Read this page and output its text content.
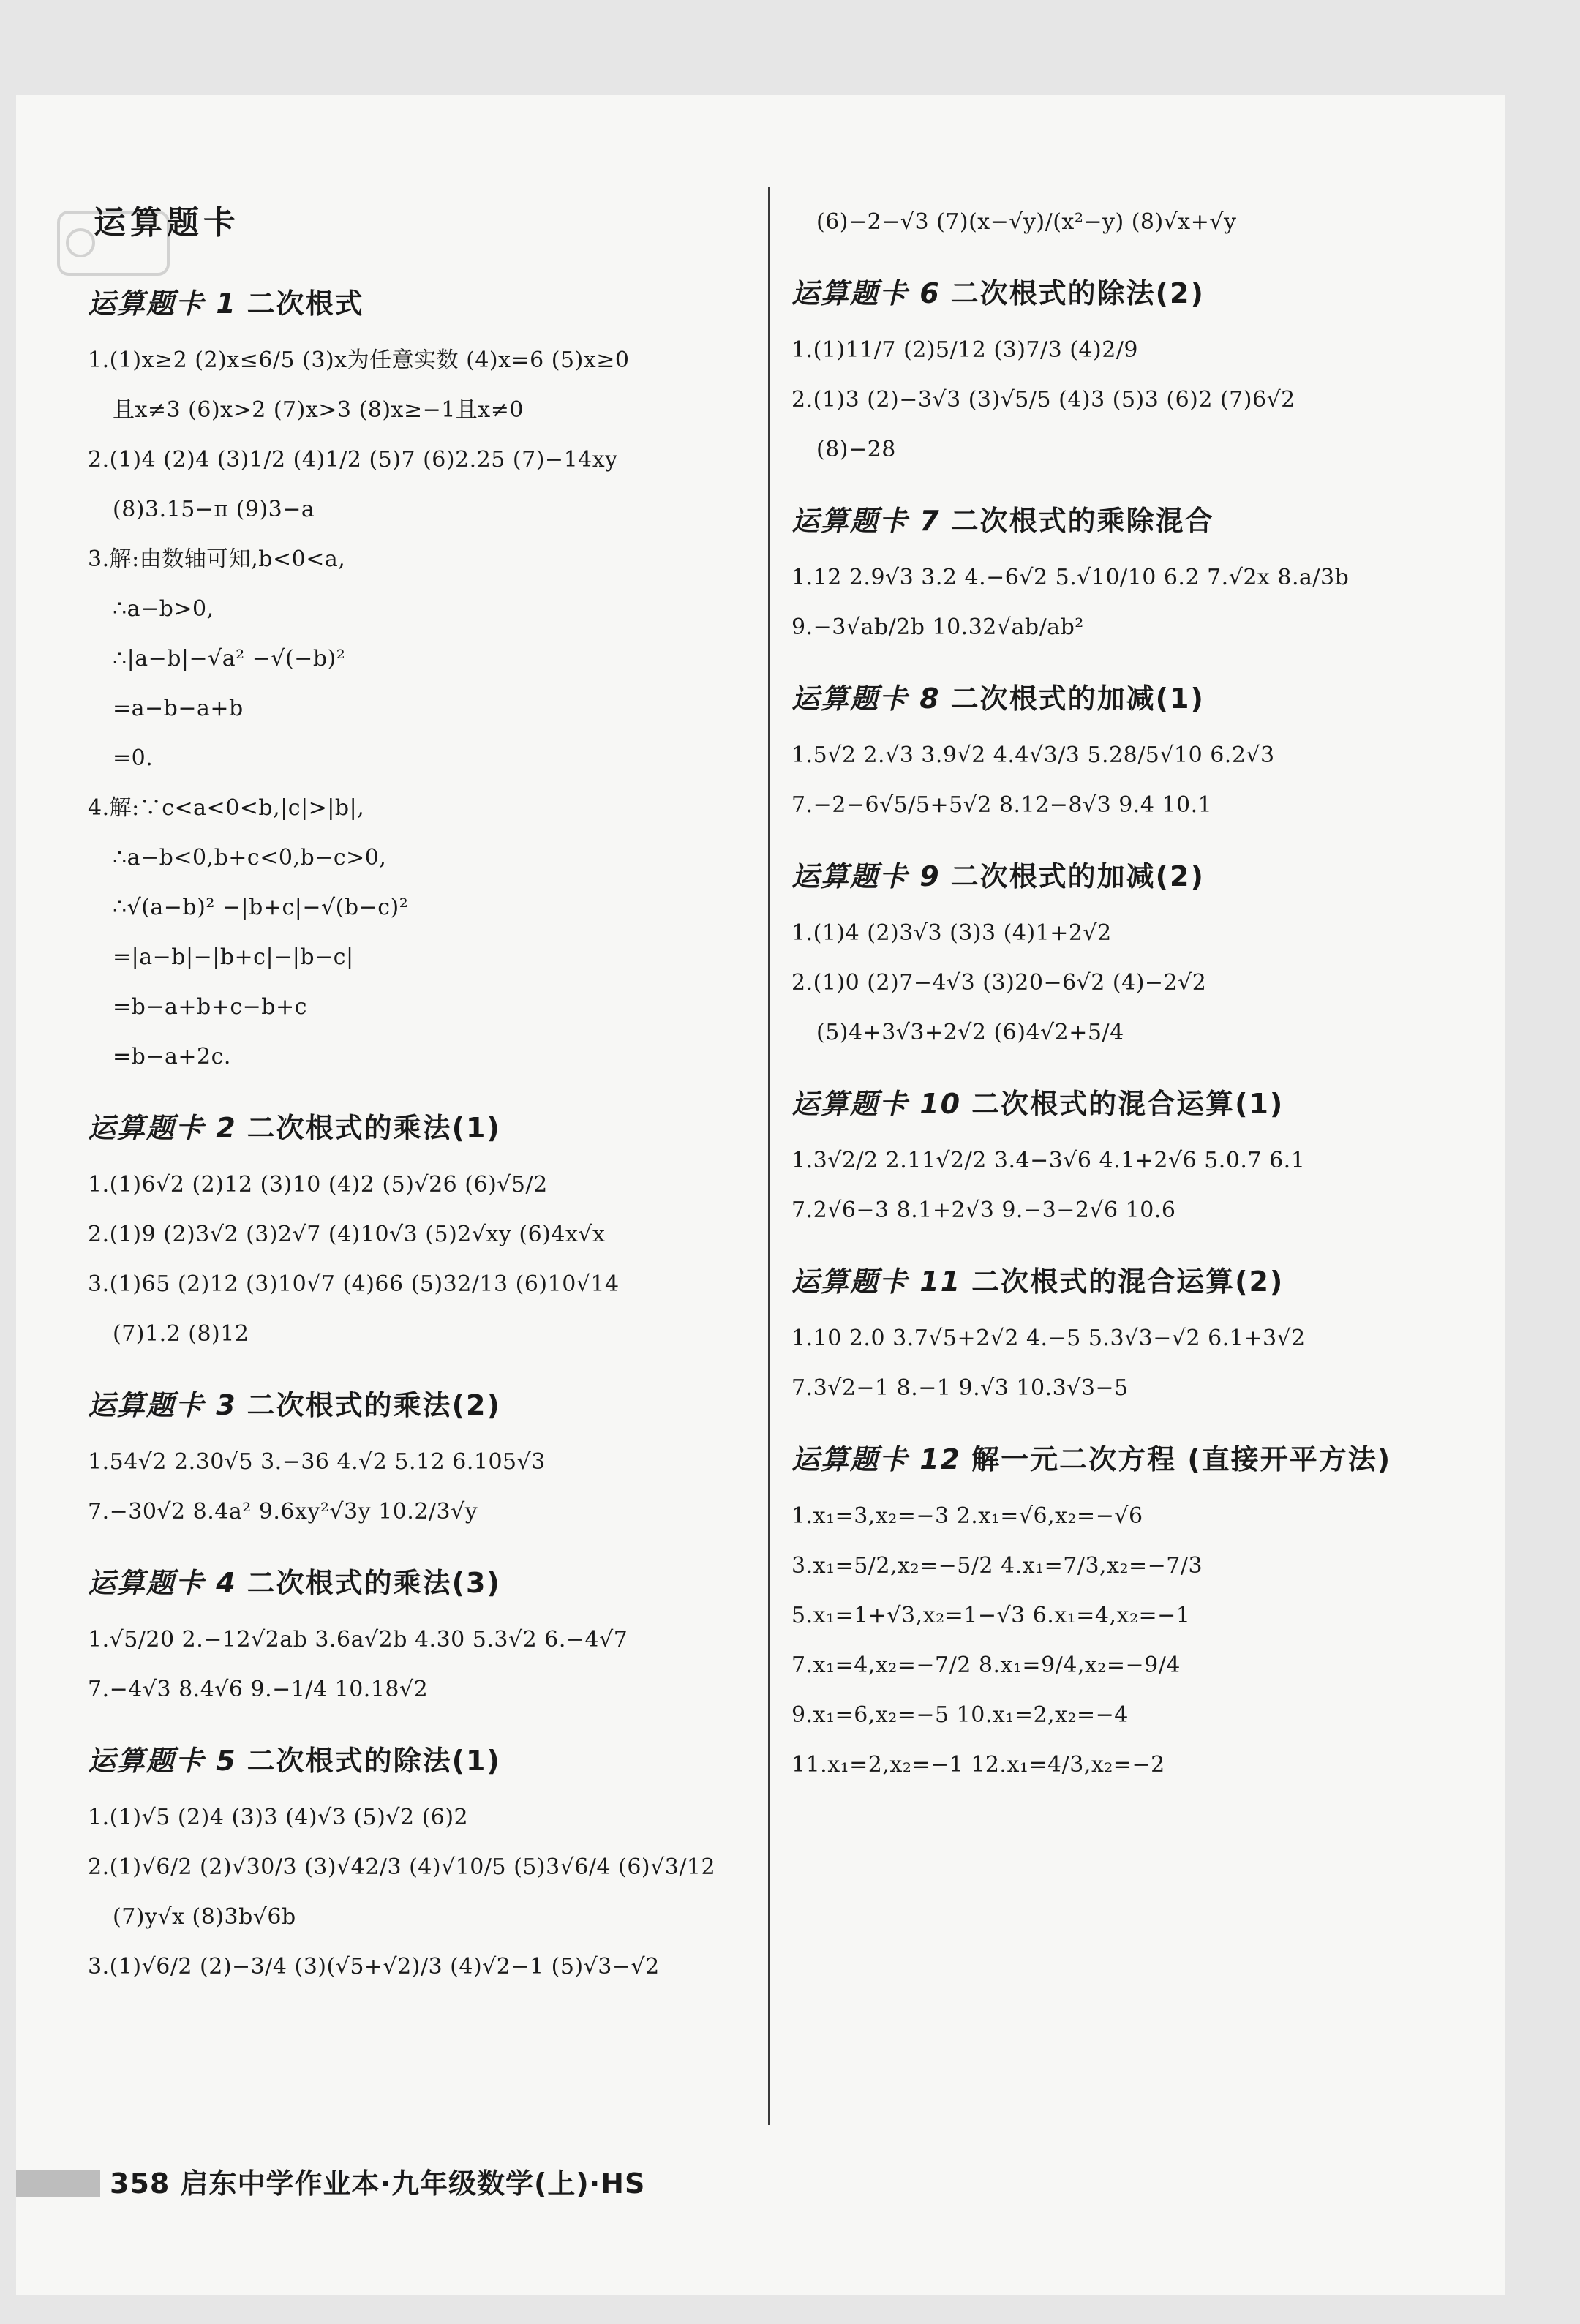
运算题卡
运算题卡 1 二次根式
1.(1)x≥2 (2)x≤6/5 (3)x为任意实数 (4)x=6 (5)x≥0
且x≠3 (6)x>2 (7)x>3 (8)x≥−1且x≠0
2.(1)4 (2)4 (3)1/2 (4)1/2 (5)7 (6)2.25 (7)−14xy
(8)3.15−π (9)3−a
3.解:由数轴可知,b<0<a,
∴a−b>0,
∴|a−b|−√a² −√(−b)²
=a−b−a+b
=0.
4.解:∵c<a<0<b,|c|>|b|,
∴a−b<0,b+c<0,b−c>0,
∴√(a−b)² −|b+c|−√(b−c)²
=|a−b|−|b+c|−|b−c|
=b−a+b+c−b+c
=b−a+2c.
运算题卡 2 二次根式的乘法(1)
1.(1)6√2 (2)12 (3)10 (4)2 (5)√26 (6)√5/2
2.(1)9 (2)3√2 (3)2√7 (4)10√3 (5)2√xy (6)4x√x
3.(1)65 (2)12 (3)10√7 (4)66 (5)32/13 (6)10√14
(7)1.2 (8)12
运算题卡 3 二次根式的乘法(2)
1.54√2 2.30√5 3.−36 4.√2 5.12 6.105√3
7.−30√2 8.4a² 9.6xy²√3y 10.2/3√y
运算题卡 4 二次根式的乘法(3)
1.√5/20 2.−12√2ab 3.6a√2b 4.30 5.3√2 6.−4√7
7.−4√3 8.4√6 9.−1/4 10.18√2
运算题卡 5 二次根式的除法(1)
1.(1)√5 (2)4 (3)3 (4)√3 (5)√2 (6)2
2.(1)√6/2 (2)√30/3 (3)√42/3 (4)√10/5 (5)3√6/4 (6)√3/12
(7)y√x (8)3b√6b
3.(1)√6/2 (2)−3/4 (3)(√5+√2)/3 (4)√2−1 (5)√3−√2
(6)−2−√3 (7)(x−√y)/(x²−y) (8)√x+√y
运算题卡 6 二次根式的除法(2)
1.(1)11/7 (2)5/12 (3)7/3 (4)2/9
2.(1)3 (2)−3√3 (3)√5/5 (4)3 (5)3 (6)2 (7)6√2
(8)−28
运算题卡 7 二次根式的乘除混合
1.12 2.9√3 3.2 4.−6√2 5.√10/10 6.2 7.√2x 8.a/3b
9.−3√ab/2b 10.32√ab/ab²
运算题卡 8 二次根式的加减(1)
1.5√2 2.√3 3.9√2 4.4√3/3 5.28/5√10 6.2√3
7.−2−6√5/5+5√2 8.12−8√3 9.4 10.1
运算题卡 9 二次根式的加减(2)
1.(1)4 (2)3√3 (3)3 (4)1+2√2
2.(1)0 (2)7−4√3 (3)20−6√2 (4)−2√2
(5)4+3√3+2√2 (6)4√2+5/4
运算题卡 10 二次根式的混合运算(1)
1.3√2/2 2.11√2/2 3.4−3√6 4.1+2√6 5.0.7 6.1
7.2√6−3 8.1+2√3 9.−3−2√6 10.6
运算题卡 11 二次根式的混合运算(2)
1.10 2.0 3.7√5+2√2 4.−5 5.3√3−√2 6.1+3√2
7.3√2−1 8.−1 9.√3 10.3√3−5
运算题卡 12 解一元二次方程 (直接开平方法)
1.x₁=3,x₂=−3 2.x₁=√6,x₂=−√6
3.x₁=5/2,x₂=−5/2 4.x₁=7/3,x₂=−7/3
5.x₁=1+√3,x₂=1−√3 6.x₁=4,x₂=−1
7.x₁=4,x₂=−7/2 8.x₁=9/4,x₂=−9/4
9.x₁=6,x₂=−5 10.x₁=2,x₂=−4
11.x₁=2,x₂=−1 12.x₁=4/3,x₂=−2
358 启东中学作业本·九年级数学(上)·HS
